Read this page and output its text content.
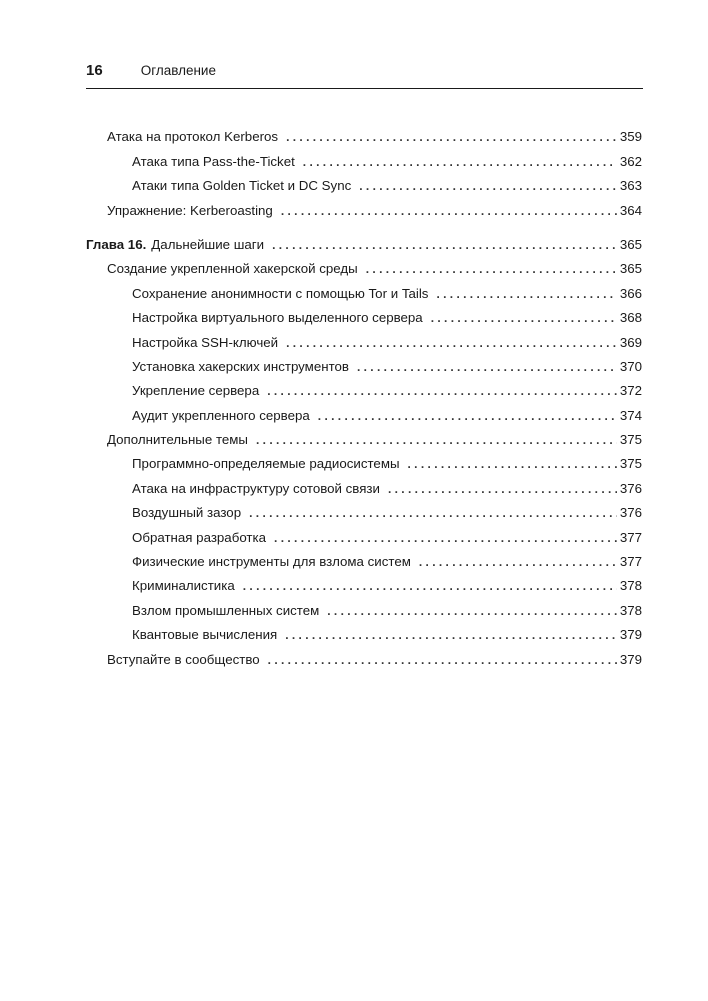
16	Оглавление
Атака на протокол Kerberos . . .	359
Атака типа Pass-the-Ticket . . .	362
Атаки типа Golden Ticket и DC Sync . . .	363
Упражнение: Kerberoasting . . .	364
Глава 16. Дальнейшие шаги . . .	365
Создание укрепленной хакерской среды . . .	365
Сохранение анонимности с помощью Tor и Tails . . .	366
Настройка виртуального выделенного сервера . . .	368
Настройка SSH-ключей . . .	369
Установка хакерских инструментов . . .	370
Укрепление сервера . . .	372
Аудит укрепленного сервера . . .	374
Дополнительные темы . . .	375
Программно-определяемые радиосистемы . . .	375
Атака на инфраструктуру сотовой связи . . .	376
Воздушный зазор . . .	376
Обратная разработка . . .	377
Физические инструменты для взлома систем . . .	377
Криминалистика . . .	378
Взлом промышленных систем . . .	378
Квантовые вычисления . . .	379
Вступайте в сообщество . . .	379
